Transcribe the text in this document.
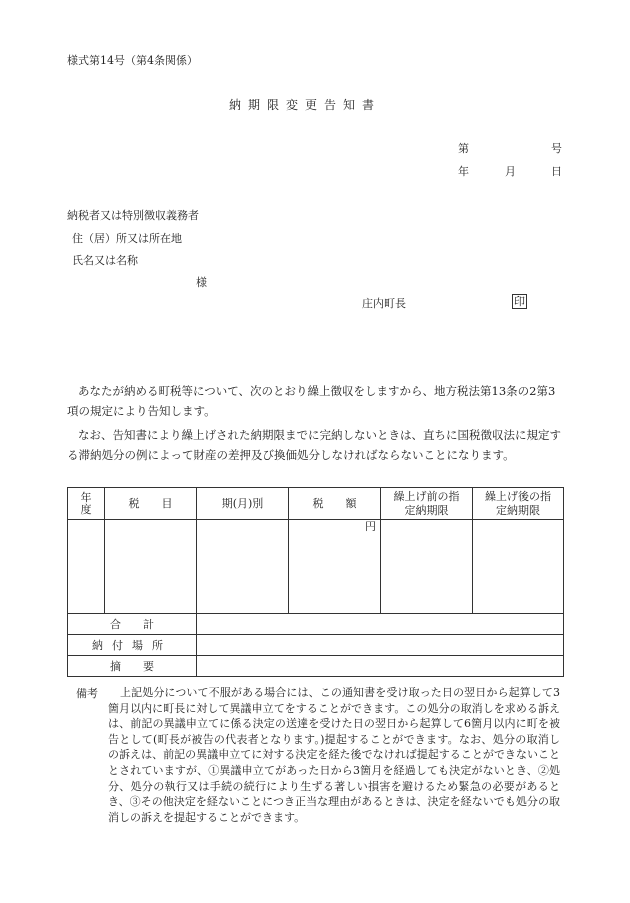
様式第14号（第4条関係）
納期限変更告知書
第	号
年	月	日
納税者又は特別徴収義務者
住（居）所又は所在地
氏名又は名称
様
庄内町長	印

あなたが納める町税等について、次のとおり繰上徴収をしますから、地方税法第13条の2第3項の規定により告知します。

なお、告知書により繰上げされた納期限までに完納しないときは、直ちに国税徴収法に規定する滞納処分の例によって財産の差押及び換価処分しなければならないことになります。

年度	税　　目	期(月)別	税　　額	繰上げ前の指定納期限	繰上げ後の指定納期限

			円		

合　　計					
納付場所					
摘　　要					
備考	上記処分について不服がある場合には、この通知書を受け取った日の翌日から起算して3箇月以内に町長に対して異議申立てをすることができます。この処分の取消しを求める訴えは、前記の異議申立てに係る決定の送達を受けた日の翌日から起算して6箇月以内に町を被告として(町長が被告の代表者となります。)提起することができます。なお、処分の取消しの訴えは、前記の異議申立てに対する決定を経た後でなければ提起することができないこととされていますが、①異議申立てがあった日から3箇月を経過しても決定がないとき、②処分、処分の執行又は手続の続行により生ずる著しい損害を避けるため緊急の必要があるとき、③その他決定を経ないことにつき正当な理由があるときは、決定を経ないでも処分の取消しの訴えを提起することができます。
